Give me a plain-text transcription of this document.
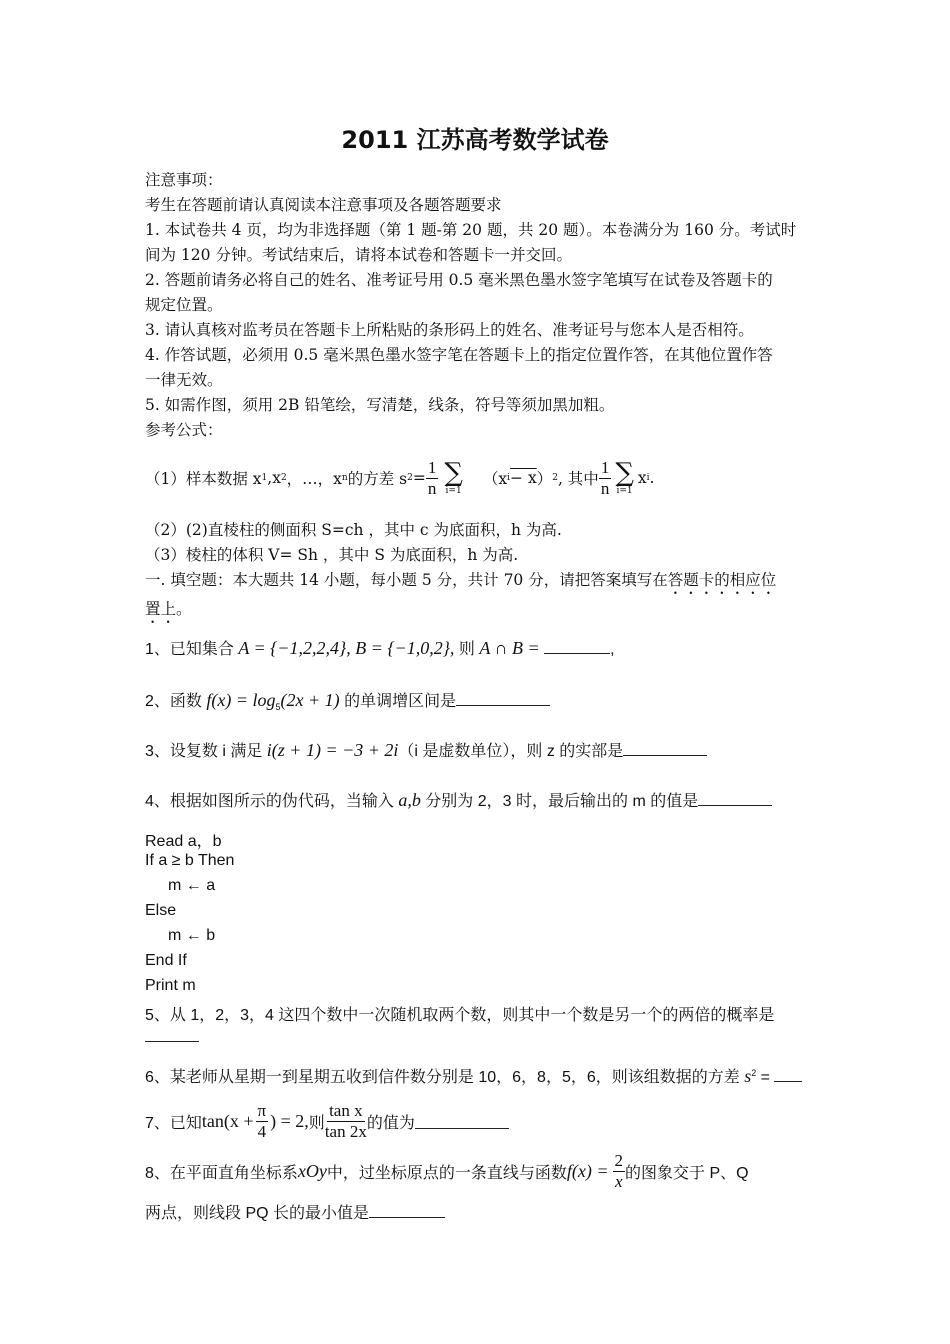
2011 江苏高考数学试卷
注意事项：
考生在答题前请认真阅读本注意事项及各题答题要求
1. 本试卷共 4 页，均为非选择题（第 1 题-第 20 题，共 20 题）。本卷满分为 160 分。考试时
间为 120 分钟。考试结束后，请将本试卷和答题卡一并交回。
2. 答题前请务必将自己的姓名、准考证号用 0.5 毫米黑色墨水签字笔填写在试卷及答题卡的
规定位置。
3. 请认真核对监考员在答题卡上所粘贴的条形码上的姓名、准考证号与您本人是否相符。
4. 作答试题，必须用 0.5 毫米黑色墨水签字笔在答题卡上的指定位置作答，在其他位置作答
一律无效。
5. 如需作图，须用 2B 铅笔绘，写清楚，线条，符号等须加黑加粗。
参考公式：
（1）样本数据 x 1 ,x 2 ，…，x n 的方差 s $2 = \frac{1}{n}$ ∑
i=1
（x i − x ） 2 , 其中 $\frac{1}{n}$ ∑
i=1
x i .
（2）(2)直棱柱的侧面积 S=ch ，其中 c 为底面积，h 为高.
（3）棱柱的体积 V= Sh ，其中 S 为底面积，h 为高.
一. 填空题：本大题共 14 小题，每小题 5 分，共计 70 分，请把答案填写在答题卡的相应位
置上。
1、已知集合 A = {−1,2,2,4}, B = {−1,0,2}, 则 A ∩ B =	,
2、函数 $f(x) = \log_5(2x + 1)$ 的单调增区间是
3、设复数 i 满足 i(z + 1) = −3 + 2i（i 是虚数单位），则 z 的实部是
4、根据如图所示的伪代码，当输入 a,b 分别为 2，3 时，最后输出的 m 的值是
Read a，b
If a ≥ b Then
m ← a
Else
m ← b
End If
Print m
5、从 1，2，3，4 这四个数中一次随机取两个数，则其中一个数是另一个的两倍的概率是
6、某老师从星期一到星期五收到信件数分别是 10，6，8，5，6，则该组数据的方差 $s^2$ =
7、已知 $\tan(x + \frac{\pi}{4}$ ) = 2, 则 $\frac{\text{tan x}}{\tan 2x}$ 的值为
8、在平面直角坐标系 xOy 中，过坐标原点的一条直线与函数 $f(x) = \frac{2}{x}$ 的图象交于 P、Q
两点，则线段 PQ 长的最小值是
